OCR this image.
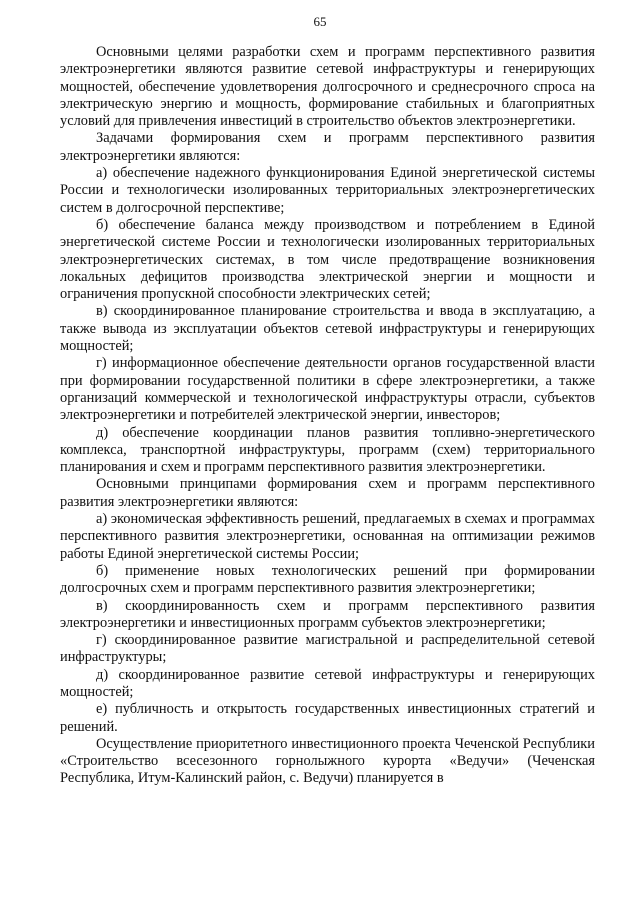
65

Основными целями разработки схем и программ перспективного развития электроэнергетики являются развитие сетевой инфраструктуры и генерирующих мощностей, обеспечение удовлетворения долгосрочного и среднесрочного спроса на электрическую энергию и мощность, формирование стабильных и благоприятных условий для привлечения инвестиций в строительство объектов электроэнергетики.

Задачами формирования схем и программ перспективного развития электроэнергетики являются:

а) обеспечение надежного функционирования Единой энергетической системы России и технологически изолированных территориальных электроэнергетических систем в долгосрочной перспективе;

б) обеспечение баланса между производством и потреблением в Единой энергетической системе России и технологически изолированных территориальных электроэнергетических системах, в том числе предотвращение возникновения локальных дефицитов производства электрической энергии и мощности и ограничения пропускной способности электрических сетей;

в) скоординированное планирование строительства и ввода в эксплуатацию, а также вывода из эксплуатации объектов сетевой инфраструктуры и генерирующих мощностей;

г) информационное обеспечение деятельности органов государственной власти при формировании государственной политики в сфере электроэнергетики, а также организаций коммерческой и технологической инфраструктуры отрасли, субъектов электроэнергетики и потребителей электрической энергии, инвесторов;

д) обеспечение координации планов развития топливно-энергетического комплекса, транспортной инфраструктуры, программ (схем) территориального планирования и схем и программ перспективного развития электроэнергетики.

Основными принципами формирования схем и программ перспективного развития электроэнергетики являются:

а) экономическая эффективность решений, предлагаемых в схемах и программах перспективного развития электроэнергетики, основанная на оптимизации режимов работы Единой энергетической системы России;

б) применение новых технологических решений при формировании долгосрочных схем и программ перспективного развития электроэнергетики;

в) скоординированность схем и программ перспективного развития электроэнергетики и инвестиционных программ субъектов электроэнергетики;

г) скоординированное развитие магистральной и распределительной сетевой инфраструктуры;

д) скоординированное развитие сетевой инфраструктуры и генерирующих мощностей;

е) публичность и открытость государственных инвестиционных стратегий и решений.

Осуществление приоритетного инвестиционного проекта Чеченской Республики «Строительство всесезонного горнолыжного курорта «Ведучи» (Чеченская Республика, Итум-Калинский район, с. Ведучи) планируется в
